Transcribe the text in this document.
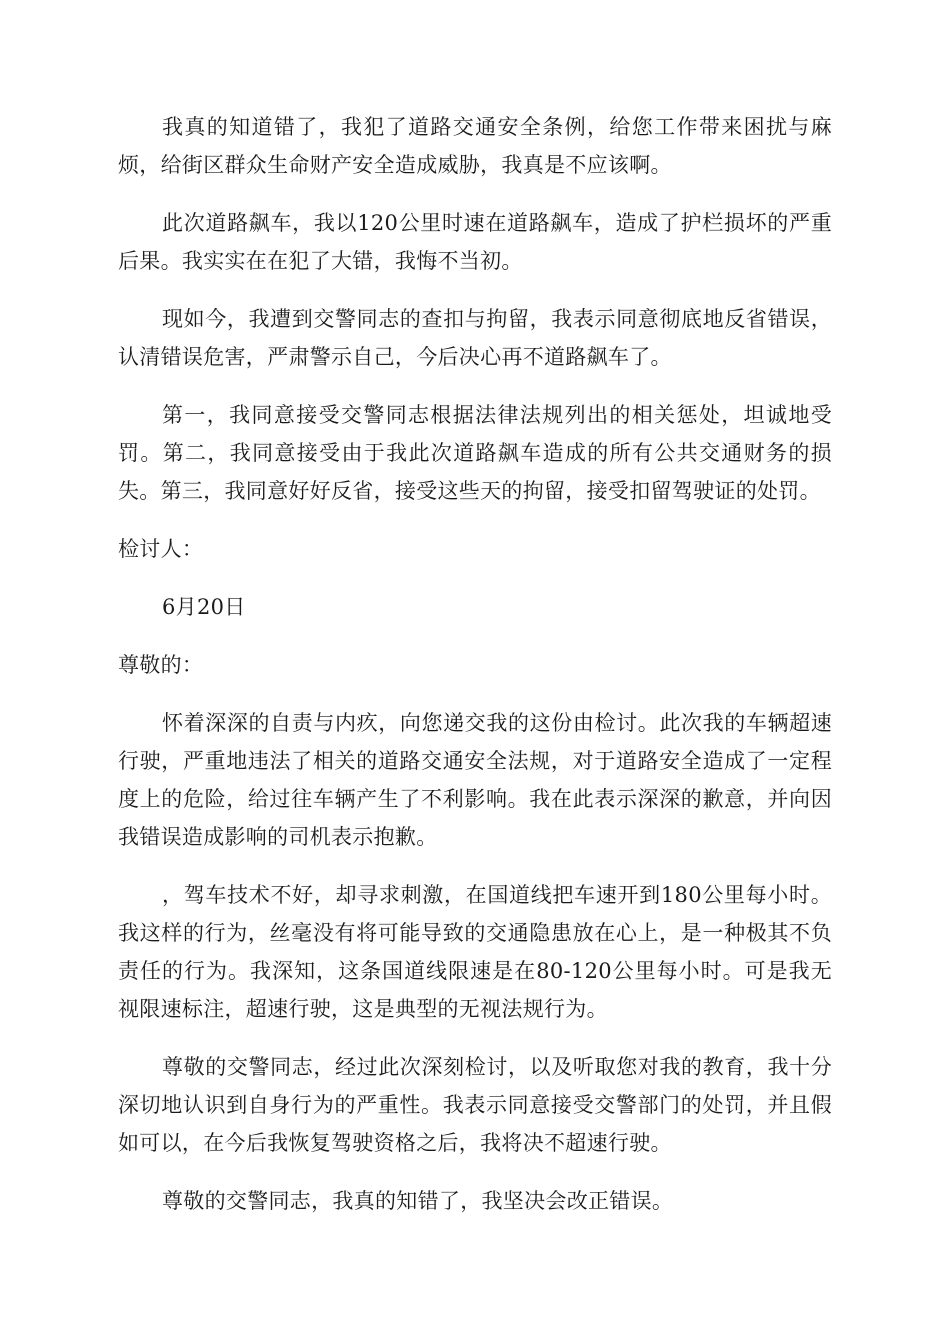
我真的知道错了，我犯了道路交通安全条例，给您工作带来困扰与麻烦，给街区群众生命财产安全造成威胁，我真是不应该啊。

此次道路飙车，我以120公里时速在道路飙车，造成了护栏损坏的严重后果。我实实在在犯了大错，我悔不当初。

现如今，我遭到交警同志的查扣与拘留，我表示同意彻底地反省错误，认清错误危害，严肃警示自己，今后决心再不道路飙车了。

第一，我同意接受交警同志根据法律法规列出的相关惩处，坦诚地受罚。第二，我同意接受由于我此次道路飙车造成的所有公共交通财务的损失。第三，我同意好好反省，接受这些天的拘留，接受扣留驾驶证的处罚。

检讨人：

6月20日

尊敬的：

怀着深深的自责与内疚，向您递交我的这份由检讨。此次我的车辆超速行驶，严重地违法了相关的道路交通安全法规，对于道路安全造成了一定程度上的危险，给过往车辆产生了不利影响。我在此表示深深的歉意，并向因我错误造成影响的司机表示抱歉。

，驾车技术不好，却寻求刺激，在国道线把车速开到180公里每小时。我这样的行为，丝毫没有将可能导致的交通隐患放在心上，是一种极其不负责任的行为。我深知，这条国道线限速是在80-120公里每小时。可是我无视限速标注，超速行驶，这是典型的无视法规行为。

尊敬的交警同志，经过此次深刻检讨，以及听取您对我的教育，我十分深切地认识到自身行为的严重性。我表示同意接受交警部门的处罚，并且假如可以，在今后我恢复驾驶资格之后，我将决不超速行驶。

尊敬的交警同志，我真的知错了，我坚决会改正错误。
